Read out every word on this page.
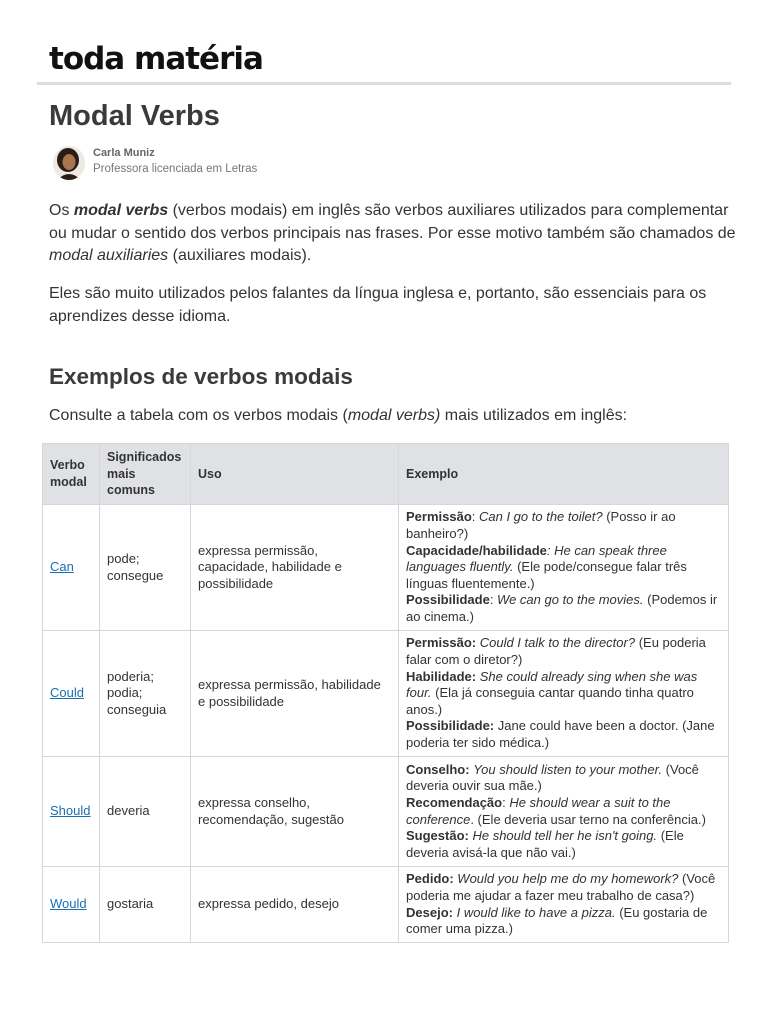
toda matéria
Modal Verbs
Carla Muniz
Professora licenciada em Letras

Os modal verbs (verbos modais) em inglês são verbos auxiliares utilizados para complementar ou mudar o sentido dos verbos principais nas frases. Por esse motivo também são chamados de modal auxiliaries (auxiliares modais).

Eles são muito utilizados pelos falantes da língua inglesa e, portanto, são essenciais para os aprendizes desse idioma.

Exemplos de verbos modais

Consulte a tabela com os verbos modais (modal verbs) mais utilizados em inglês:

Verbo modal	Significados mais comuns	Uso	Exemplo
Can	pode; consegue	expressa permissão, capacidade, habilidade e possibilidade	Permissão: Can I go to the toilet? (Posso ir ao banheiro?)
Capacidade/habilidade: He can speak three languages fluently. (Ele pode/consegue falar três línguas fluentemente.)
Possibilidade: We can go to the movies. (Podemos ir ao cinema.)

Could	poderia; podia; conseguia	expressa permissão, habilidade e possibilidade	Permissão: Could I talk to the director? (Eu poderia falar com o diretor?)
Habilidade: She could already sing when she was four. (Ela já conseguia cantar quando tinha quatro anos.)
Possibilidade: Jane could have been a doctor. (Jane poderia ter sido médica.)

Should	deveria	expressa conselho, recomendação, sugestão	Conselho: You should listen to your mother. (Você deveria ouvir sua mãe.)
Recomendação: He should wear a suit to the conference. (Ele deveria usar terno na conferência.)
Sugestão: He should tell her he isn't going. (Ele deveria avisá-la que não vai.)

Would	gostaria	expressa pedido, desejo	Pedido: Would you help me do my homework? (Você poderia me ajudar a fazer meu trabalho de casa?)
Desejo: I would like to have a pizza. (Eu gostaria de comer uma pizza.)
